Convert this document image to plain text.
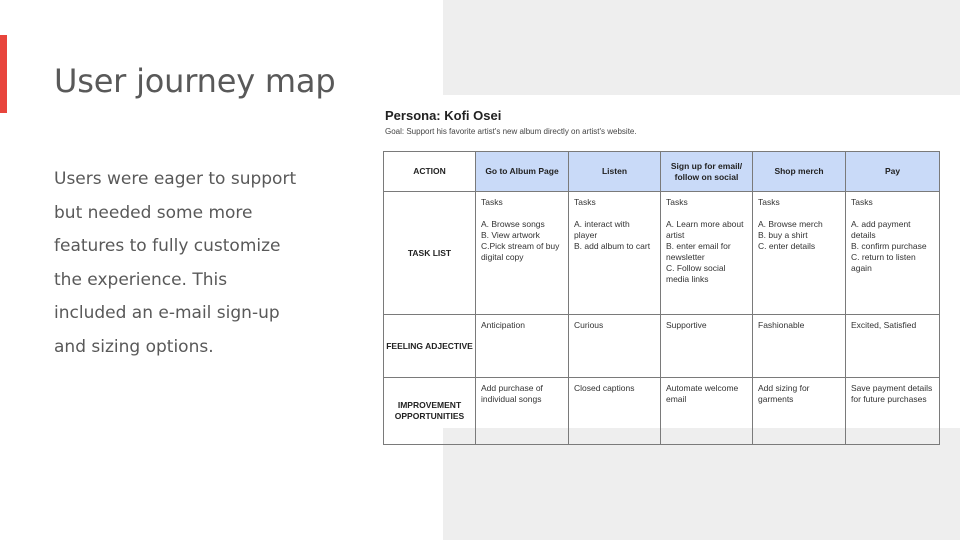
User journey map

Users were eager to support but needed some more features to fully customize the experience. This included an e-mail sign-up and sizing options.

Persona: Kofi Osei
Goal: Support his favorite artist's new album directly on artist's website.
ACTION	Go to Album Page	Listen	Sign up for email/ follow on social	Shop merch	Pay
TASK LIST	Tasks
A. Browse songs
B. View artwork
C.Pick stream of buy digital copy	Tasks
A. interact with player
B. add album to cart	Tasks
A. Learn more about artist
B. enter email for newsletter
C. Follow social media links	Tasks
A. Browse merch
B. buy a shirt
C. enter details	Tasks
A. add payment details
B. confirm purchase
C. return to listen again

FEELING ADJECTIVE	Anticipation	Curious	Supportive	Fashionable	Excited, Satisfied
IMPROVEMENT OPPORTUNITIES	Add purchase of individual songs	Closed captions	Automate welcome email	Add sizing for garments	Save payment details for future purchases
